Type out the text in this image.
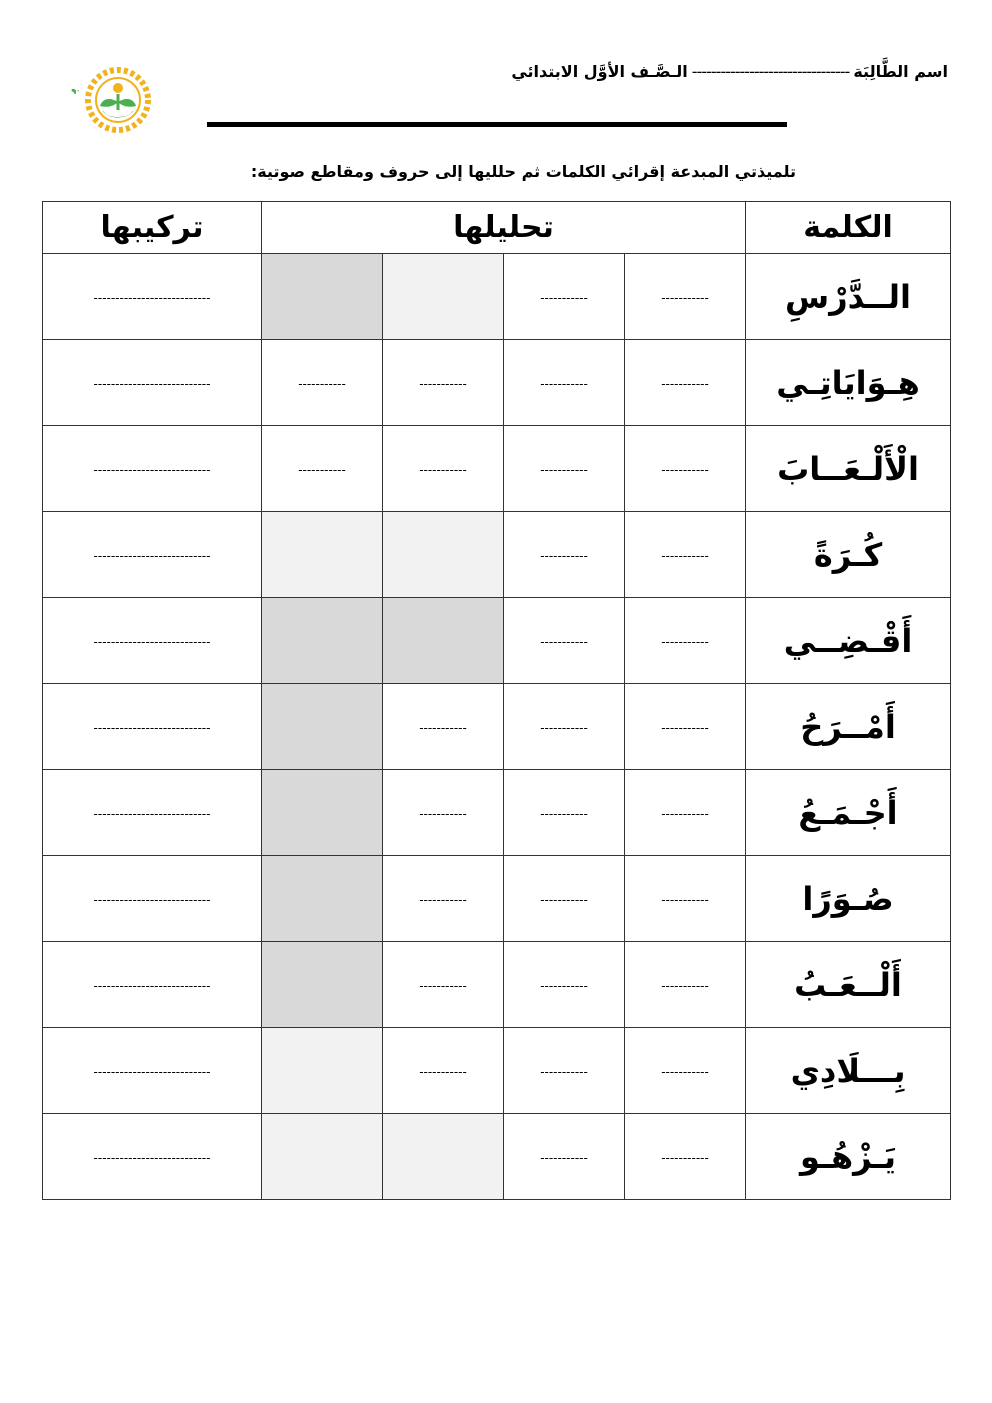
اسم الطَّالِبَة
---------------------------------
الـصَّـف الأوَّل الابتدائي
ب
تلميذتي المبدعة إقرائي الكلمات ثم حلليها إلى حروف ومقاطع صوتية:
الكلمة	تحليلها				تركيبها
الــدَّرْسِ	-----------	-----------			---------------------------
هِـوَايَاتِـي	-----------	-----------	-----------	-----------	---------------------------
الْأَلْـعَــابَ	-----------	-----------	-----------	-----------	---------------------------
كُـرَةً	-----------	-----------			---------------------------
أَقْـضِــي	-----------	-----------			---------------------------
أَمْــرَحُ	-----------	-----------	-----------		---------------------------
أَجْـمَـعُ	-----------	-----------	-----------		---------------------------
صُـوَرًا	-----------	-----------	-----------		---------------------------
أَلْــعَـبُ	-----------	-----------	-----------		---------------------------
بِـــلَادِي	-----------	-----------	-----------		---------------------------
يَـزْهُـو	-----------	-----------			---------------------------
